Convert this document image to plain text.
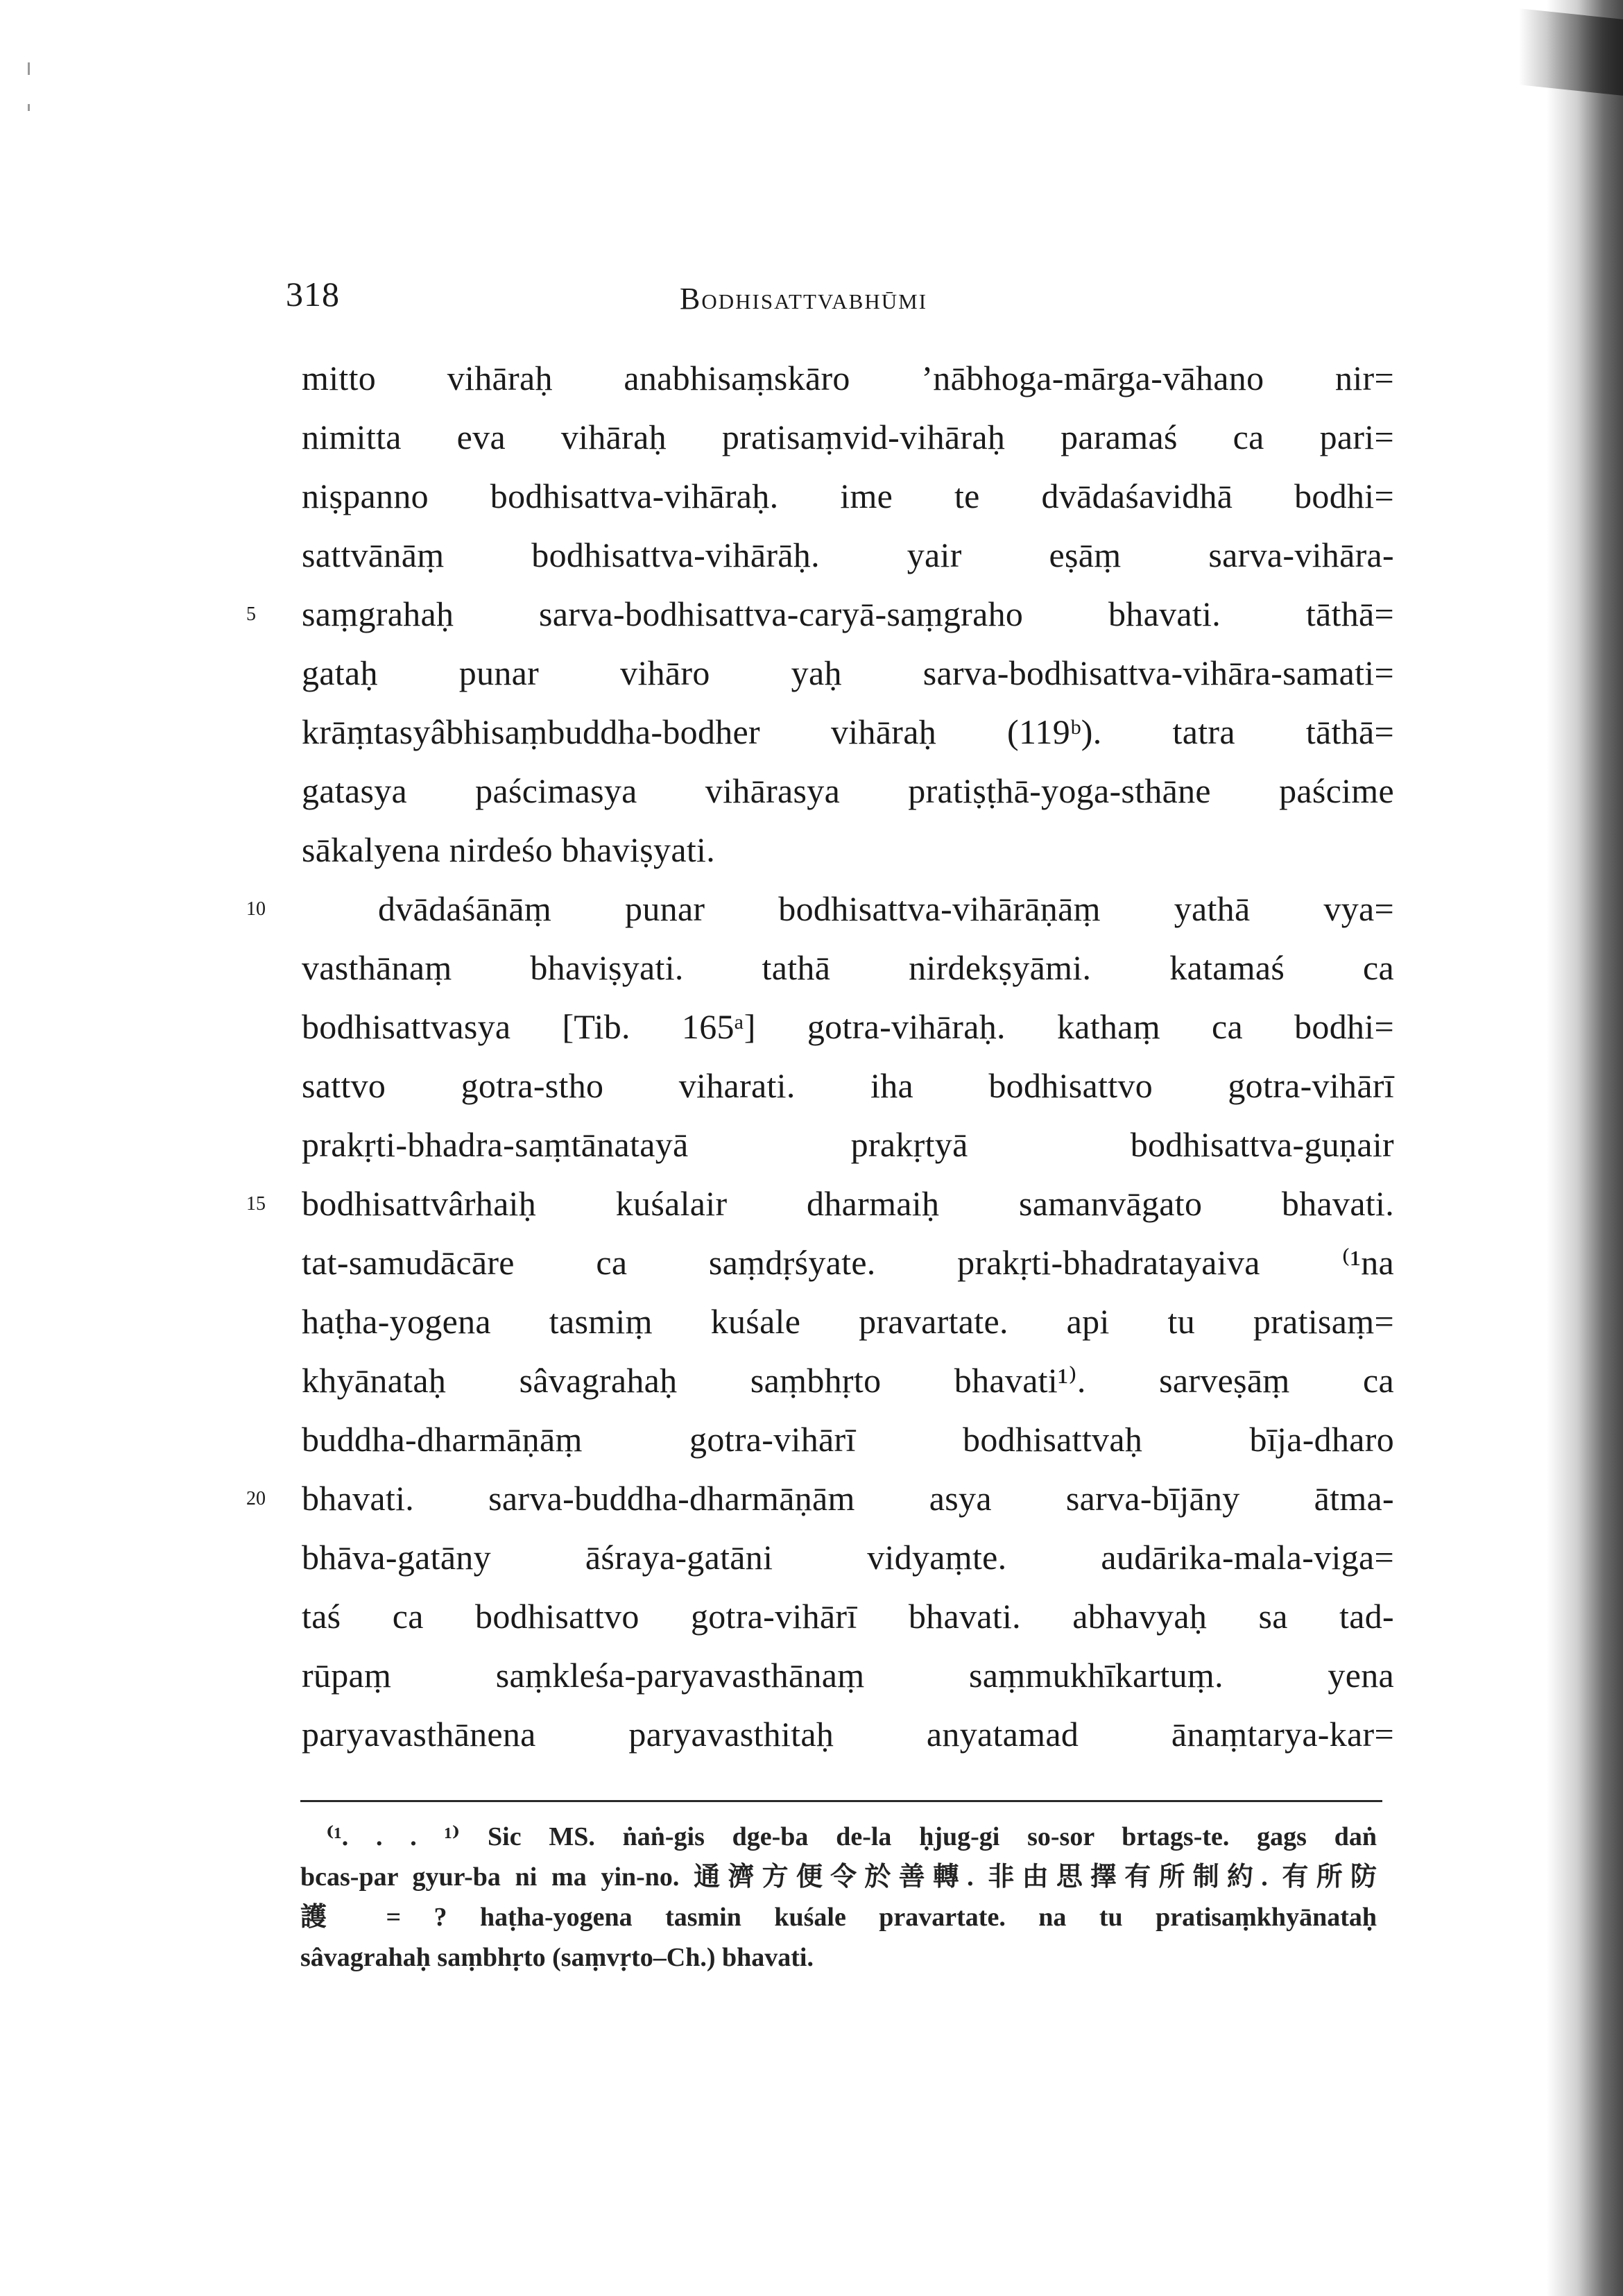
318	Bodhisattvabhūmi
mitto vihāraḥ anabhisaṃskāro ’nābhoga-mārga-vāhano nir=
nimitta eva vihāraḥ pratisaṃvid-vihāraḥ paramaś ca pari=
niṣpanno bodhisattva-vihāraḥ. ime te dvādaśavidhā bodhi=
sattvānāṃ bodhisattva-vihārāḥ. yair eṣāṃ sarva-vihāra-
saṃgrahaḥ sarva-bodhisattva-caryā-saṃgraho bhavati. tāthā=
gataḥ punar vihāro yaḥ sarva-bodhisattva-vihāra-samati=
krāṃtasyâbhisaṃbuddha-bodher vihāraḥ (119ᵇ). tatra tāthā=
gatasya paścimasya vihārasya pratiṣṭhā-yoga-sthāne paścime
sākalyena nirdeśo bhaviṣyati.
dvādaśānāṃ punar bodhisattva-vihārāṇāṃ yathā vya=
vasthānaṃ bhaviṣyati. tathā nirdekṣyāmi. katamaś ca
bodhisattvasya [Tib. 165ᵃ] gotra-vihāraḥ. kathaṃ ca bodhi=
sattvo gotra-stho viharati. iha bodhisattvo gotra-vihārī
prakṛti-bhadra-saṃtānatayā prakṛtyā bodhisattva-guṇair
bodhisattvârhaiḥ kuśalair dharmaiḥ samanvāgato bhavati.
tat-samudācāre ca saṃdṛśyate. prakṛti-bhadratayaiva ⁽¹na
haṭha-yogena tasmiṃ kuśale pravartate. api tu pratisaṃ=
khyānataḥ sâvagrahaḥ saṃbhṛto bhavati¹⁾. sarveṣāṃ ca
buddha-dharmāṇāṃ gotra-vihārī bodhisattvaḥ bīja-dharo
bhavati. sarva-buddha-dharmāṇām asya sarva-bījāny ātma-
bhāva-gatāny āśraya-gatāni vidyaṃte. audārika-mala-viga=
taś ca bodhisattvo gotra-vihārī bhavati. abhavyaḥ sa tad-
rūpaṃ saṃkleśa-paryavasthānaṃ saṃmukhīkartuṃ. yena
paryavasthānena paryavasthitaḥ anyatamad ānaṃtarya-kar=
5
10
15
20
⁽¹. . . ¹⁾ Sic MS. ṅaṅ-gis dge-ba de-la ḥjug-gi so-sor brtags-te. gags daṅ
bcas-par gyur-ba ni ma yin-no. 通濟方便令於善轉. 非由思擇有所制約. 有所防
護 = ? haṭha-yogena tasmin kuśale pravartate. na tu pratisaṃkhyānataḥ
sâvagrahaḥ saṃbhṛto (saṃvṛto–Ch.) bhavati.
